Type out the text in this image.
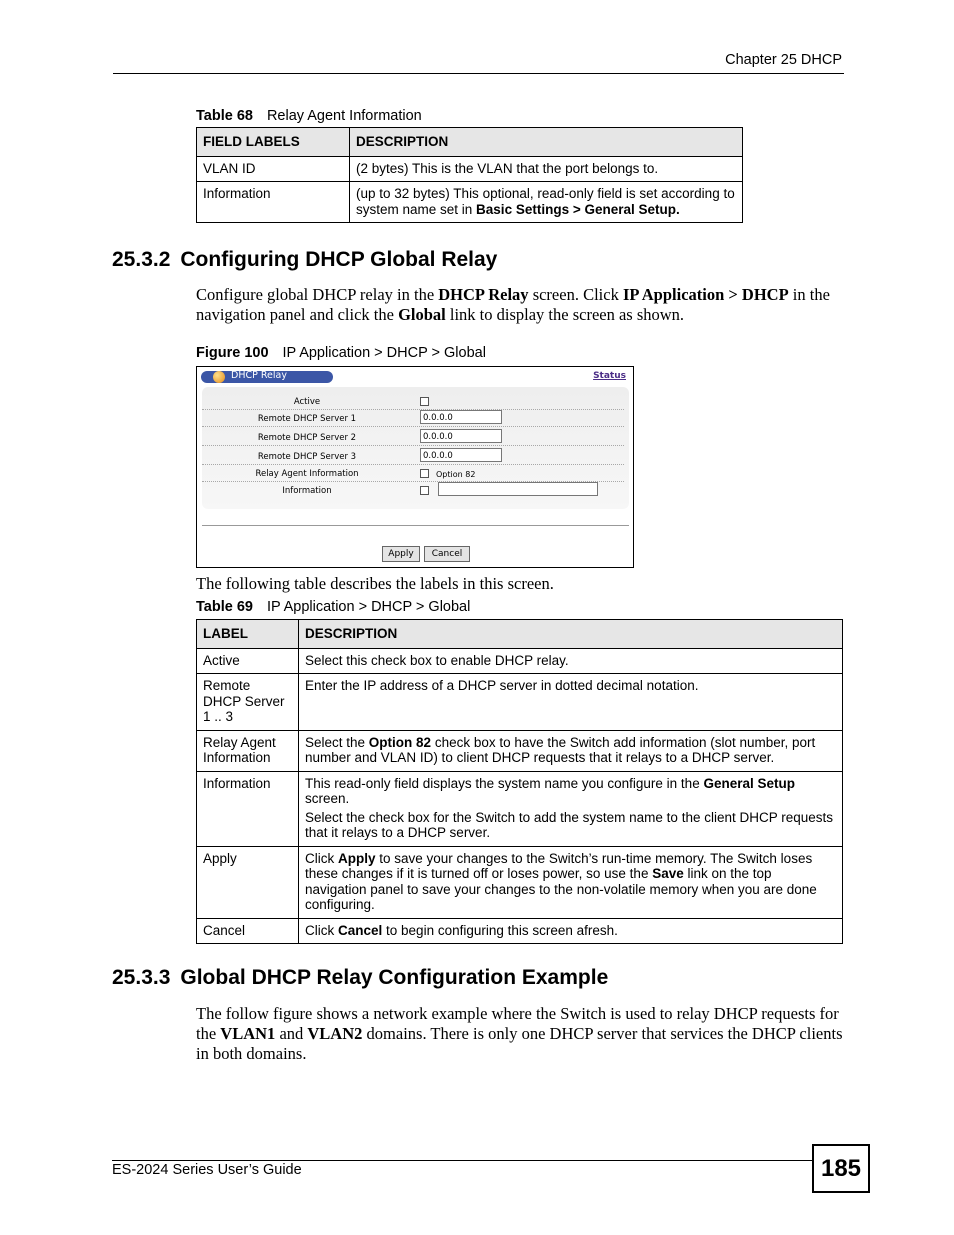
Chapter 25 DHCP
Table 68 Relay Agent Information
FIELD LABELS	DESCRIPTION
VLAN ID	(2 bytes) This is the VLAN that the port belongs to.
Information	(up to 32 bytes) This optional, read-only field is set according to system name set in Basic Settings > General Setup.
25.3.2 Configuring DHCP Global Relay
Configure global DHCP relay in the DHCP Relay screen. Click IP Application > DHCP in the navigation panel and click the Global link to display the screen as shown.
Figure 100 IP Application > DHCP > Global
DHCP Relay	Status
Active
Remote DHCP Server 1	0.0.0.0
Remote DHCP Server 2	0.0.0.0
Remote DHCP Server 3	0.0.0.0
Relay Agent Information	Option 82
Information
Apply	Cancel
The following table describes the labels in this screen.
Table 69 IP Application > DHCP > Global
LABEL	DESCRIPTION
Active	Select this check box to enable DHCP relay.
Remote DHCP Server 1 .. 3	Enter the IP address of a DHCP server in dotted decimal notation.
Relay Agent Information	Select the Option 82 check box to have the Switch add information (slot number, port number and VLAN ID) to client DHCP requests that it relays to a DHCP server.
Information	This read-only field displays the system name you configure in the General Setup screen.

Select the check box for the Switch to add the system name to the client DHCP requests that it relays to a DHCP server.

Apply	Click Apply to save your changes to the Switch’s run-time memory. The Switch loses these changes if it is turned off or loses power, so use the Save link on the top navigation panel to save your changes to the non-volatile memory when you are done configuring.
Cancel	Click Cancel to begin configuring this screen afresh.
25.3.3 Global DHCP Relay Configuration Example
The follow figure shows a network example where the Switch is used to relay DHCP requests for the VLAN1 and VLAN2 domains. There is only one DHCP server that services the DHCP clients in both domains.
ES-2024 Series User’s Guide	185
